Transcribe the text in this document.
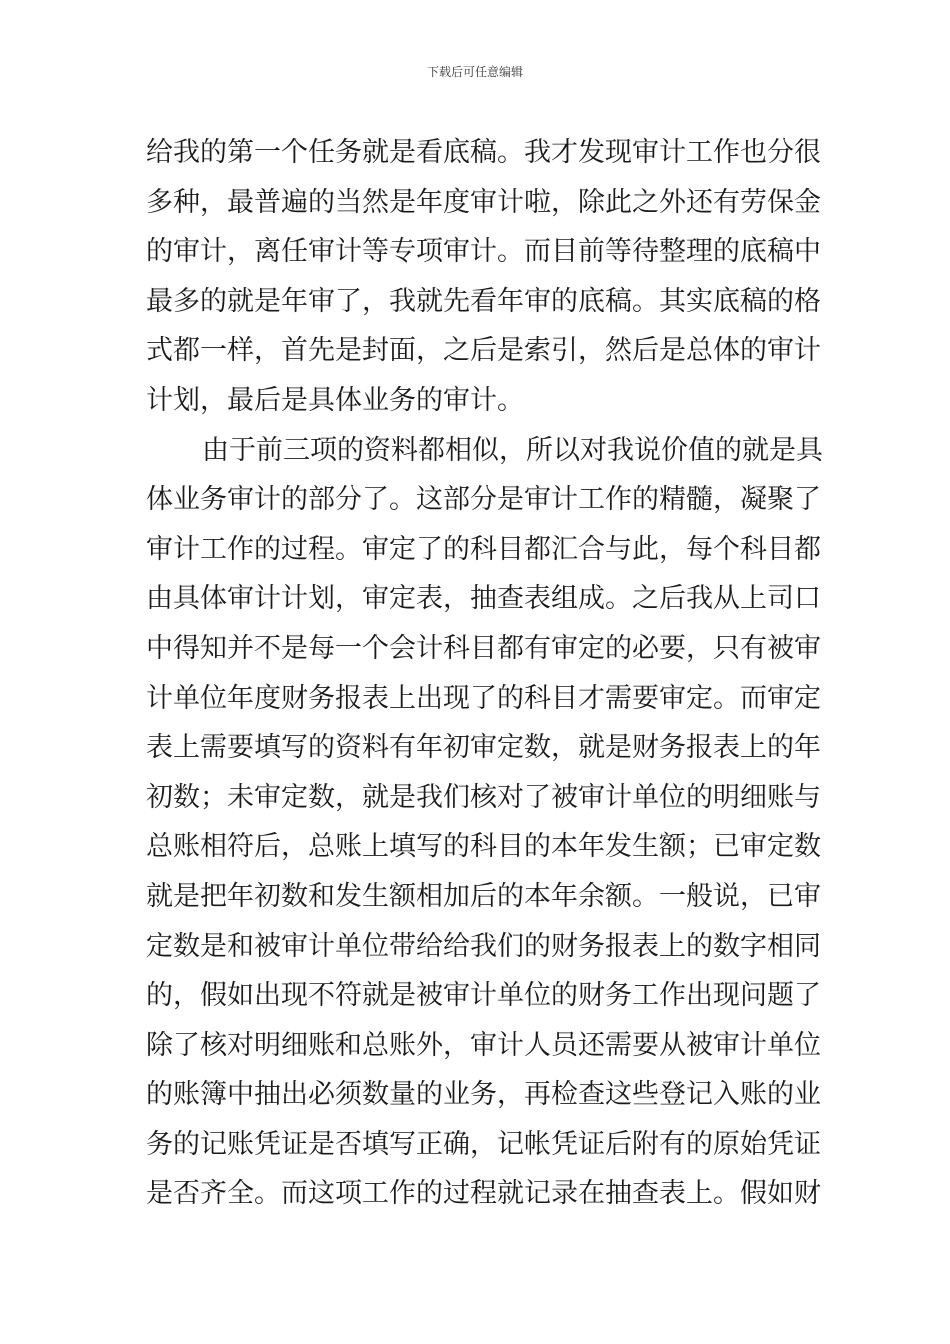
下载后可任意编辑
给我的第一个任务就是看底稿。我才发现审计工作也分很
多种，最普遍的当然是年度审计啦，除此之外还有劳保金
的审计，离任审计等专项审计。而目前等待整理的底稿中
最多的就是年审了，我就先看年审的底稿。其实底稿的格
式都一样，首先是封面，之后是索引，然后是总体的审计
计划，最后是具体业务的审计。
由于前三项的资料都相似，所以对我说价值的就是具
体业务审计的部分了。这部分是审计工作的精髓，凝聚了
审计工作的过程。审定了的科目都汇合与此，每个科目都
由具体审计计划，审定表，抽查表组成。之后我从上司口
中得知并不是每一个会计科目都有审定的必要，只有被审
计单位年度财务报表上出现了的科目才需要审定。而审定
表上需要填写的资料有年初审定数，就是财务报表上的年
初数；未审定数，就是我们核对了被审计单位的明细账与
总账相符后，总账上填写的科目的本年发生额；已审定数
就是把年初数和发生额相加后的本年余额。一般说，已审
定数是和被审计单位带给给我们的财务报表上的数字相同
的，假如出现不符就是被审计单位的财务工作出现问题了
除了核对明细账和总账外，审计人员还需要从被审计单位
的账簿中抽出必须数量的业务，再检查这些登记入账的业
务的记账凭证是否填写正确，记帐凭证后附有的原始凭证
是否齐全。而这项工作的过程就记录在抽查表上。假如财
